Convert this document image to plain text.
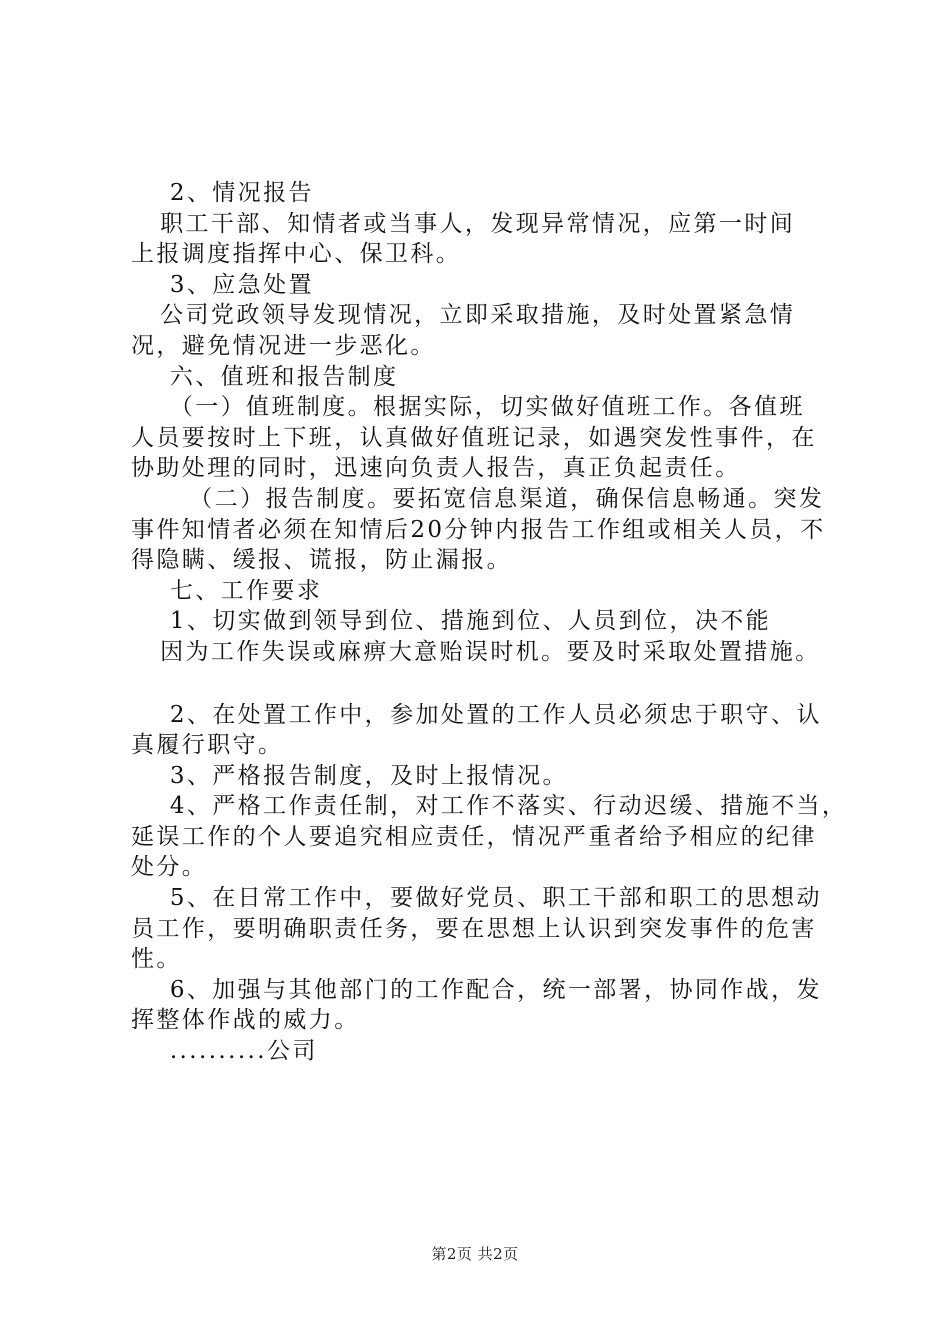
2、情况报告
职工干部、知情者或当事人，发现异常情况，应第一时间
上报调度指挥中心、保卫科。
3、应急处置
公司党政领导发现情况，立即采取措施，及时处置紧急情
况，避免情况进一步恶化。
六、值班和报告制度
（一）值班制度。根据实际，切实做好值班工作。各值班
人员要按时上下班，认真做好值班记录，如遇突发性事件，在
协助处理的同时，迅速向负责人报告，真正负起责任。
（二）报告制度。要拓宽信息渠道，确保信息畅通。突发
事件知情者必须在知情后20分钟内报告工作组或相关人员，不
得隐瞒、缓报、谎报，防止漏报。
七、工作要求
1、切实做到领导到位、措施到位、人员到位，决不能
因为工作失误或麻痹大意贻误时机。要及时采取处置措施。
2、在处置工作中，参加处置的工作人员必须忠于职守、认
真履行职守。
3、严格报告制度，及时上报情况。
4、严格工作责任制，对工作不落实、行动迟缓、措施不当，
延误工作的个人要追究相应责任，情况严重者给予相应的纪律
处分。
5、在日常工作中，要做好党员、职工干部和职工的思想动
员工作，要明确职责任务，要在思想上认识到突发事件的危害
性。
6、加强与其他部门的工作配合，统一部署，协同作战，发
挥整体作战的威力。
..........公司
第2页 共2页
